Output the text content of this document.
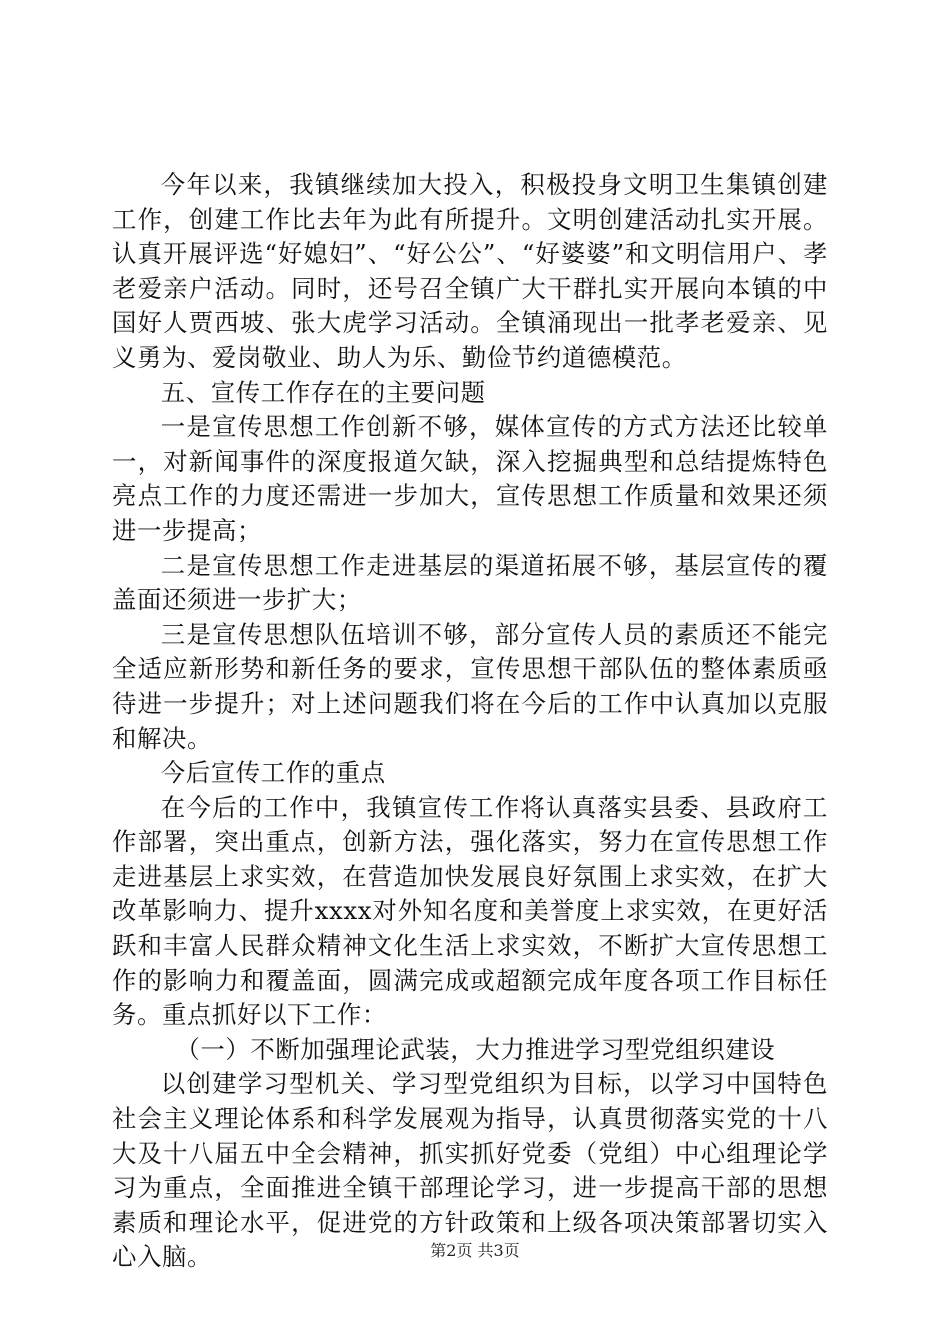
今年以来，我镇继续加大投入，积极投身文明卫生集镇创建工作，创建工作比去年为此有所提升。文明创建活动扎实开展。认真开展评选“好媳妇”、“好公公”、“好婆婆”和文明信用户、孝老爱亲户活动。同时，还号召全镇广大干群扎实开展向本镇的中国好人贾西坡、张大虎学习活动。全镇涌现出一批孝老爱亲、见义勇为、爱岗敬业、助人为乐、勤俭节约道德模范。

五、宣传工作存在的主要问题

一是宣传思想工作创新不够，媒体宣传的方式方法还比较单一，对新闻事件的深度报道欠缺，深入挖掘典型和总结提炼特色亮点工作的力度还需进一步加大，宣传思想工作质量和效果还须进一步提高；

二是宣传思想工作走进基层的渠道拓展不够，基层宣传的覆盖面还须进一步扩大；

三是宣传思想队伍培训不够，部分宣传人员的素质还不能完全适应新形势和新任务的要求，宣传思想干部队伍的整体素质亟待进一步提升；对上述问题我们将在今后的工作中认真加以克服和解决。

今后宣传工作的重点

在今后的工作中，我镇宣传工作将认真落实县委、县政府工作部署，突出重点，创新方法，强化落实，努力在宣传思想工作走进基层上求实效，在营造加快发展良好氛围上求实效，在扩大改革影响力、提升xxxx对外知名度和美誉度上求实效，在更好活跃和丰富人民群众精神文化生活上求实效，不断扩大宣传思想工作的影响力和覆盖面，圆满完成或超额完成年度各项工作目标任务。重点抓好以下工作：

（一）不断加强理论武装，大力推进学习型党组织建设

以创建学习型机关、学习型党组织为目标，以学习中国特色社会主义理论体系和科学发展观为指导，认真贯彻落实党的十八大及十八届五中全会精神，抓实抓好党委（党组）中心组理论学习为重点，全面推进全镇干部理论学习，进一步提高干部的思想素质和理论水平，促进党的方针政策和上级各项决策部署切实入心入脑。	第2页 共3页
